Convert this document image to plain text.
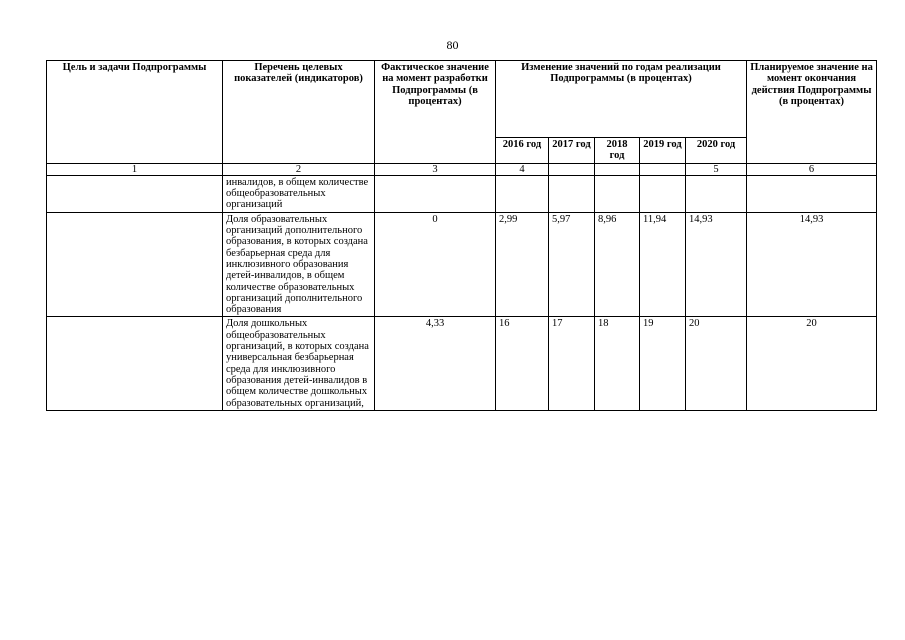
80
Цель и задачи Подпрограммы	Перечень целевых показателей (индикаторов)	Фактическое значение на момент разработки Подпрограммы (в процентах)	Изменение значений по годам реализации Подпрограммы (в процентах)					Планируемое значение на момент окончания действия Подпрограммы (в процентах)
			2016 год	2017 год	2018 год	2019 год	2020 год	
1	2	3	4				5	6
	инвалидов, в общем количестве общеобразовательных организаций							
	Доля образовательных организаций дополнительного образования, в которых создана безбарьерная среда для инклюзивного образования детей-инвалидов, в общем количестве образовательных организаций дополнительного образования	0	2,99	5,97	8,96	11,94	14,93	14,93
	Доля дошкольных общеобразовательных организаций, в которых создана универсальная безбарьерная среда для инклюзивного образования детей-инвалидов в общем количестве дошкольных образовательных организаций,	4,33	16	17	18	19	20	20
